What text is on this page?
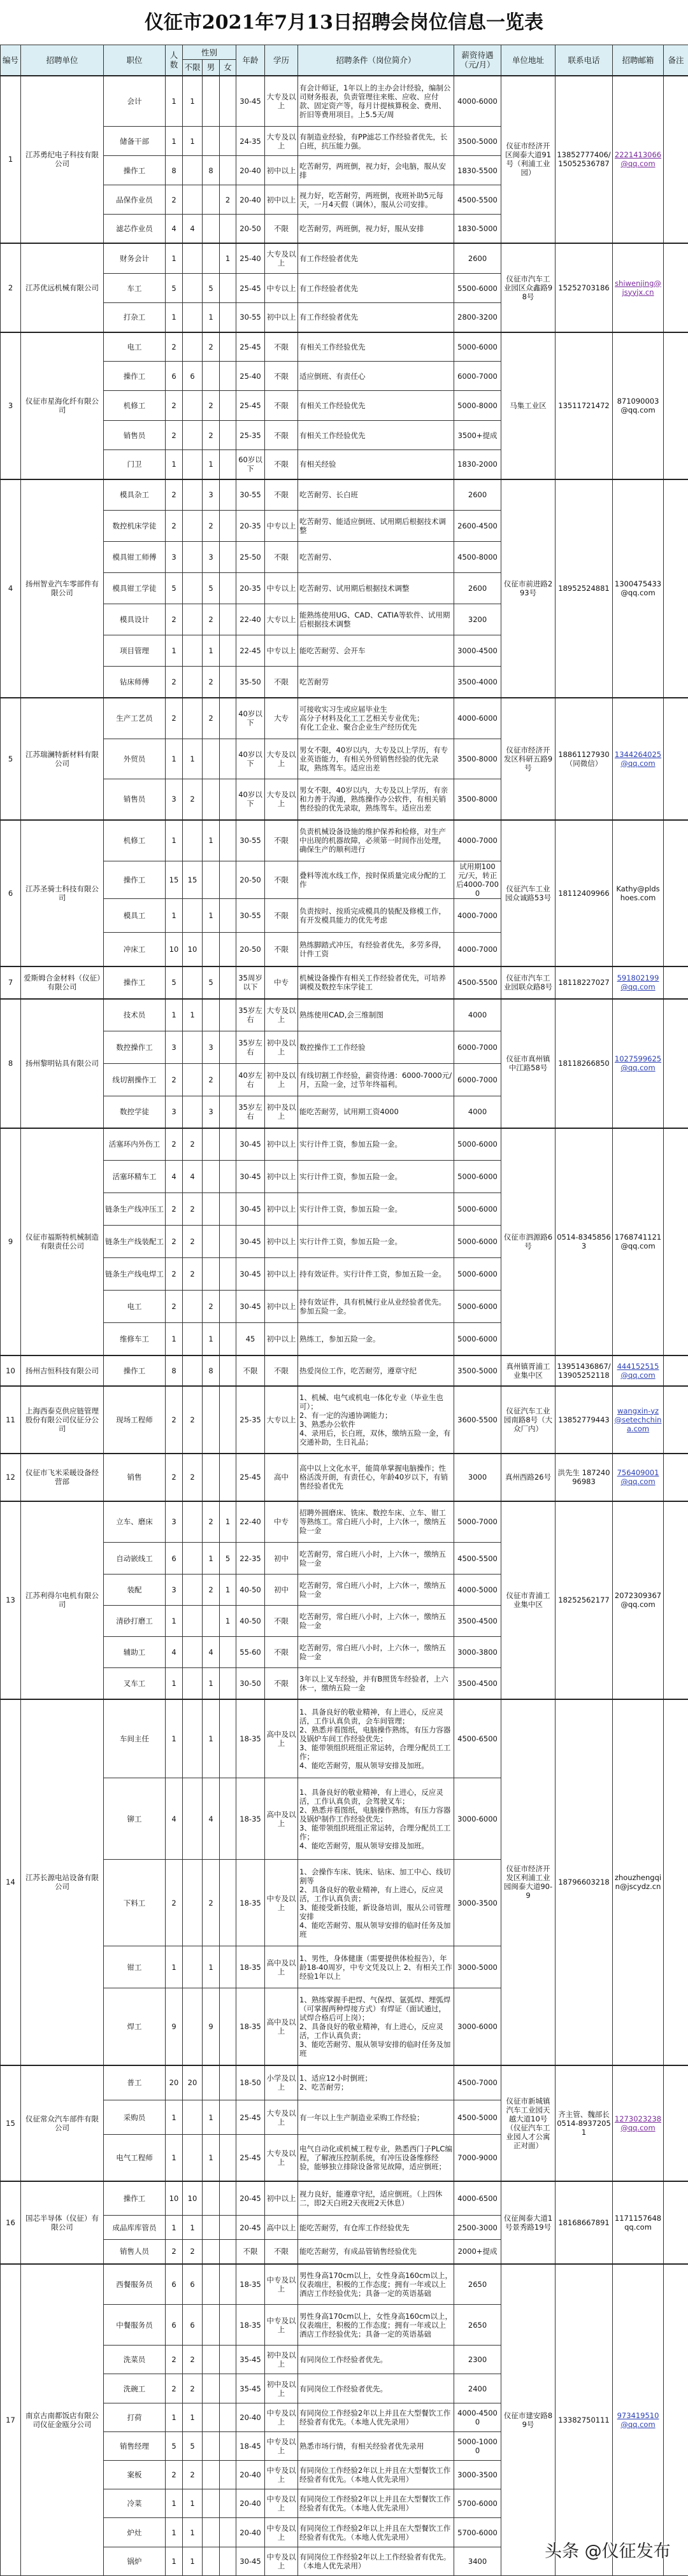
仪征市2021年7月13日招聘会岗位信息一览表
编号	招聘单位	职位	人数	性别			年龄	学历	招聘条件（岗位简介）	薪资待遇（元/月）	单位地址	联系电话	招聘邮箱	备注
				不限	男	女								
1	江苏勇纪电子科技有限公司	会计	1	1			30-45	大专及以上	有会计师证，1年以上的主办会计经验，编制公司财务报表，负责管理往来账、应收、应付款、固定资产等，每月计提核算税金、费用、折旧等费用项目。上5.5天/周	4000-6000	仪征市经济开区闽泰大道91号（利浦工业园）	13852777406/15052536787	2221413066@qq.com	
		储备干部	1	1			24-35	大专及以上	有制造业经验，有PP滤芯工作经验者优先，长白班，抗压能力强。	3500-5000				
		操作工	8		8		20-40	初中以上	吃苦耐劳，两班倒，视力好，会电脑，服从安排	1830-5500				
		品保作业员	2			2	20-40	初中以上	视力好，吃苦耐劳，两班倒，夜班补助5元每天，一月4天假（调休），服从公司安排。	4500-5500				
		滤芯作业员	4	4			20-50	不限	吃苦耐劳，两班倒，视力好，服从安排	1830-5000				
2	江苏优远机械有限公司	财务会计	1			1	25-40	大专及以上	有工作经验者优先	2600	仪征市汽车工业园区众鑫路98号	15252703186	shiwenjing@jsyyjx.cn	
		车工	5		5		25-45	中专以上	有工作经验者优先	5500-6000				
		打杂工	1		1		30-55	初中以上	有工作经验者优先	2800-3200				
3	仪征市星海化纤有限公司	电工	2		2		25-45	不限	有相关工作经验优先	5000-6000	马集工业区	13511721472	871090003@qq.com	
		操作工	6	6			25-40	不限	适应倒班、有责任心	6000-7000				
		机修工	2		2		25-45	不限	有相关工作经验优先	5000-8000				
		销售员	2		2		25-35	不限	有相关工作经验优先	3500+提成				
		门卫	1		1		60岁以下	不限	有相关经验	1830-2000				
4	扬州智业汽车零部件有限公司	模具杂工	2		3		30-55	不限	吃苦耐劳、长白班	2600	仪征市前进路293号	18952524881	1300475433@qq.com	
		数控机床学徒	2		2		20-35	中专以上	吃苦耐劳、能适应倒班、试用期后根据技术调整	2600-4500				
		模具钳工师傅	3		3		25-50	不限	吃苦耐劳、	4500-8000				
		模具钳工学徒	5		5		20-35	中专以上	吃苦耐劳、试用期后根据技术调整	2600				
		模具设计	2		2		22-40	大专以上	能熟练使用UG、CAD、CATIA等软件、试用期后根据技术调整	3200				
		项目管理	1		1		22-45	中专以上	能吃苦耐劳、会开车	3000-4500				
		钻床师傅	2		2		35-50	不限	吃苦耐劳	3500-4000				
5	江苏瑞澜特新材料有限公司	生产工艺员	2		2		40岁以下	大专	可接收实习生或应届毕业生
高分子材料及化工工艺相关专业优先；
有化工企业、聚合企业生产经历优先	4000-6000	仪征市经济开发区科研五路9号	18861127930（同微信）	1344264025@qq.com	
		外贸员	1	1			40岁以下	大专及以上	男女不限，40岁以内，大专及以上学历，有专业英语能力，有相关外贸销售经验的优先录取，熟练驾车。适应出差	3500-8000				
		销售员	3	2			40岁以下	大专及以上	男女不限，40岁以内，大专及以上学历，有亲和力善于沟通，熟练操作办公软件，有相关销售经验的优先录取，熟练驾车。适应出差	3500-8000				
6	江苏圣骑士科技有限公司	机修工	1		1		30-55	不限	负责机械设备设施的维护保养和检修，对生产中出现的机器故障，必须第一时间作出处理，确保生产的顺利进行	4000-7000	仪征汽车工业园众诚路53号	18112409966	Kathy@pldshoes.com	
		操作工	15	15			20-50	不限	叠料等流水线工作，按时保质量完成分配的工作	试用期100元/天，转正后4000-7000				
		模具工	1		1		30-55	不限	负责按时、按质完成模具的装配及修模工作，有开发模具能力的优先考虑	4000-7000				
		冲床工	10	10			20-50	不限	熟练脚踏式冲压，有经验者优先，多劳多得，计件工资	4000-7000				
7	爱斯姆合金材料（仪征）有限公司	操作工	5		5		35周岁以下	中专	机械设备操作有相关工作经验者优先，可培养调模及数控车床学徒工	4500-5500	仪征市汽车工业园联众路8号	18118227027	591802199@qq.com	
8	扬州黎明钻具有限公司	技术员	1	1			35岁左右	大专及以上	熟练使用CAD,会三维制图	4000	仪征市真州镇中江路58号	18118266850	1027599625@qq.com	
		数控操作工	3		3		35岁左右	初中及以上	数控操作工工作经验	6000-7000				
		线切割操作工	2		2		40岁左右	初中及以上	有线切割工作经验，薪资待遇：6000-7000元/月，五险一金，过节年终福利。	6000-7000				
		数控学徒	3		3		35岁左右	初中及以上	能吃苦耐劳，试用期工资4000	4000				
9	仪征市福斯特机械制造有限责任公司	活塞环内外伤工	2	2			30-45	初中以上	实行计件工资，参加五险一金。	5000-6000	仪征市泗源路6号	0514-83458563	1768741121@qq.com	
		活塞环精车工	4	4			30-45	初中以上	实行计件工资，参加五险一金。	5000-6000				
		链条生产线冲压工	2	2			30-45	初中以上	实行计件工资，参加五险一金。	5000-6000				
		链条生产线装配工	2	2			30-45	初中以上	实行计件工资，参加五险一金。	5000-6000				
		链条生产线电焊工	2	2			30-45	初中以上	持有效证件。实行计件工资，参加五险一金。	5000-6000				
		电工	2		2		30-45	初中以上	持有效证件，具有机械行业从业经验者优先。参加五险一金。	5000-6000				
		维修车工	1		1		45	初中以上	熟练工，参加五险一金。	5000-6000				
10	扬州吉恒科技有限公司	操作工	8		8		不限	不限	热爱岗位工作，吃苦耐劳，遵章守纪	3500-5000	真州镇胥浦工业集中区	13951436867/13905252118	444152515@qq.com	
11	上海西泰克供应链管理股份有限公司仪征分公司	现场工程师	2	2			25-35	大专以上	1、机械、电气或机电一体化专业（毕业生也可）；
2、有一定的沟通协调能力；
3、熟悉办公软件
4、录用后，长白班，双休，缴纳五险一金，有交通补助，生日礼品；	3600-5500	仪征汽车工业园南路8号（大众厂内）	13852779443	wangxin-yz@setechchina.com	
12	仪征市飞米采暖设备经营部	销售	2	2			25-45	高中	高中以上文化水平，能简单掌握电脑操作；性格活泼开朗，有责任心，年龄40岁以下，有销售经验者优先	3000	真州西路26号	洪先生 18724096983	756409001@qq.com	
13	江苏利得尔电机有限公司	立车、磨床	3		2	1	22-40	中专	招聘外圆磨床、铣床、数控车床、立车、钳工等熟练工。常白班八小时，上六休一，缴纳五险一金	5000-7000	仪征市青浦工业集中区	18252562177	2072309367@qq.com	
		自动嵌线工	6		1	5	22-35	初中	吃苦耐劳，常白班八小时，上六休一，缴纳五险一金	4500-5500				
		装配	3		2	1	40-50	初中	吃苦耐劳，常白班八小时，上六休一，缴纳五险一金	4000-5000				
		清砂打磨工	1			1	40-50	不限	吃苦耐劳，常白班八小时，上六休一，缴纳五险一金	3500-4500				
		辅助工	4		4		55-60	不限	吃苦耐劳，常白班八小时，上六休一，缴纳五险一金	3000-3800				
		叉车工	1		1		30-50	不限	3年以上叉车经验，并有B照货车经验者，上六休一，缴纳五险一金	3500-4500				
14	江苏长源电站设备有限公司	车间主任	1		1		18-35	高中及以上	1、具备良好的敬业精神，有上进心，反应灵活，工作认真负责，会车间管理；
2、熟悉并看图纸，电脑操作熟练，有压力容器及锅炉车间工作经验优先；
3、能带领组织班组正常运转，合理分配员工工作；
4、能吃苦耐劳，服从领导安排及加班。	4500-6500	仪征市经济开发区利浦工业园闽泰大道90-9	18796603218	zhouzhengqin@jscydz.cn	
		铆工	4		4		18-35	高中及以上	1、具备良好的敬业精神，有上进心，反应灵活，工作认真负责，会驾驶叉车；
2、熟悉并看图纸，电脑操作熟练，有压力容器及锅炉制作工作经验优先；
3、能带领组织班组正常运转，合理分配员工工作；
4、能吃苦耐劳，服从领导安排及加班。	3000-6000				
		下料工	2		2		18-35	中专及以上	1、会操作车床、铣床、钻床、加工中心、线切割等
2、具备良好的敬业精神，有上进心，反应灵活，工作认真负责；
3、能接受新技能，新设备培训，服从公司管理安排
4、能吃苦耐劳、服从领导安排的临时任务及加班	3000-3500				
		钳工	1		1		18-35	高中及以上	1、男性，身体健康（需要提供体检报告），年龄18-40周岁，中专文凭及以上 2、有相关工作经验1年以上	3000-5000				
		焊工	9		9		18-35	高中及以上	1、熟练掌握手把焊、气保焊、氩弧焊、埋弧焊（可掌握两种焊接方式）有焊证（面试通过，试焊合格后可上岗）；
2、具备良好的敬业精神，有上进心，反应灵活，工作认真负责；
3、能吃苦耐劳、服从领导安排的临时任务及加班	3000-6000				
15	仪征常众汽车部件有限公司	普工	20	20			18-50	小学及以上	1、适应12小时倒班；
2、吃苦耐劳；	4500-7000	仪征市新城镇汽车工业园天越大道10号（仪征汽车工业园人才公寓正对面）	齐主管、魏部长 0514-89372051	1273023238@qq.com	
		采购员	1		1		25-45	大专及以上	有一年以上生产制造业采购工作经验；	4500-5000				
		电气工程师	1		1		25-45	大专及以上	电气自动化或机械工程专业，熟悉西门子PLC编程，了解液压控制系统，有冲压设备维修经验，能够独立排除设备常见故障，适应倒班；	7000-9000				
16	国芯半导体（仪征）有限公司	操作工	10	10			20-45	初中以上	视力良好，能遵章守纪，适应倒班。（上四休二，即2天白班2天夜班2天休息）	4000-6500	仪征闽泰大道1号景秀路19号	18168667891	1171157648qq.com	
		成品库库管员	1	1			20-45	高中以上	能吃苦耐劳，有仓库工作经验优先	2500-3000				
		销售人员	2	2			不限	不限	能吃苦耐劳，有成品管销售经验优先	2000+提成				
17	南京古南都饭店有限公司仪征金瓯分公司	西餐服务员	6	6			18-35	中专及以上	男性身高170cm以上，女性身高160cm以上，仪表端庄，积极的工作态度；拥有一年或以上酒店工作经验优先；具备一定的英语基础	2650	仪征市建安路89号	13382750111	973419510@qq.com	
		中餐服务员	6	6			18-35	中专及以上	男性身高170cm以上，女性身高160cm以上，仪表端庄，积极的工作态度；拥有一年或以上酒店工作经验优先；具备一定的英语基础	2650				
		洗菜员	2	2			35-45	初中及以上	有同岗位工作经验者优先。	2300				
		洗碗工	2	2			35-45	初中及以上	有同岗位工作经验者优先。	2400				
		打荷	1	1			20-40	中专及以上	有同岗位工作经验2年以上并且在大型餐饮工作经验者有优先。（本地人优先录用）	4000-45000				
		销售经理	5	5			18-45	中专及以上	熟悉市场行情，有相关经验者优先录用	5000-10000				
		案板	2	2			20-40	中专及以上	有同岗位工作经验2年以上并且在大型餐饮工作经验者有优先。（本地人优先录用）	3000-3500				
		冷菜	1	1			20-40	中专及以上	有同岗位工作经验2年以上并且在大型餐饮工作经验者有优先。（本地人优先录用）	5700-6000				
		炉灶	1	1			20-40	中专及以上	有同岗位工作经验2年以上并且在大型餐饮工作经验者有优先。（本地人优先录用）	5700-6000				
		锅炉	1	1			30-45	中专及以上	有同岗位工作经验2年以上工作经验者有优先。（本地人优先录用）	3400					头条 @仪征发布
